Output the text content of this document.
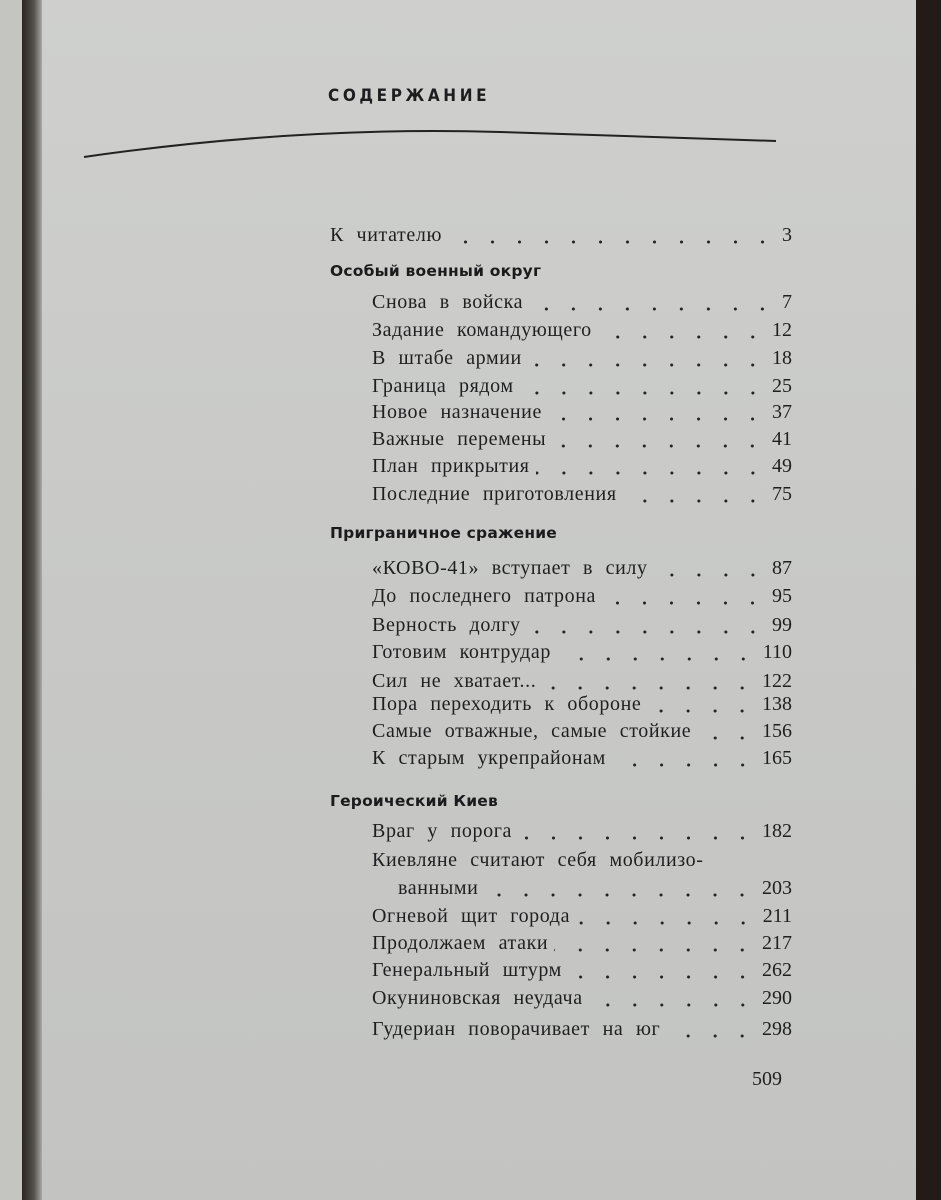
СОДЕРЖАНИЕ
К читателю	3
Особый военный округ
Снова в войска	7
Задание командующего	12
В штабе армии	18
Граница рядом	25
Новое назначение	37
Важные перемены	41
План прикрытия	49
Последние приготовления	75
Приграничное сражение
«КОВО-41» вступает в силу	87
До последнего патрона	95
Верность долгу	99
Готовим контрудар	110
Сил не хватает...	122
Пора переходить к обороне	138
Самые отважные, самые стойкие	156
К старым укрепрайонам	165
Героический Киев
Враг у порога	182
Киевляне считают себя мобилизо-
ванными	203
Огневой щит города	211
Продолжаем атаки	217
Генеральный штурм	262
Окуниновская неудача	290
Гудериан поворачивает на юг	298
509
